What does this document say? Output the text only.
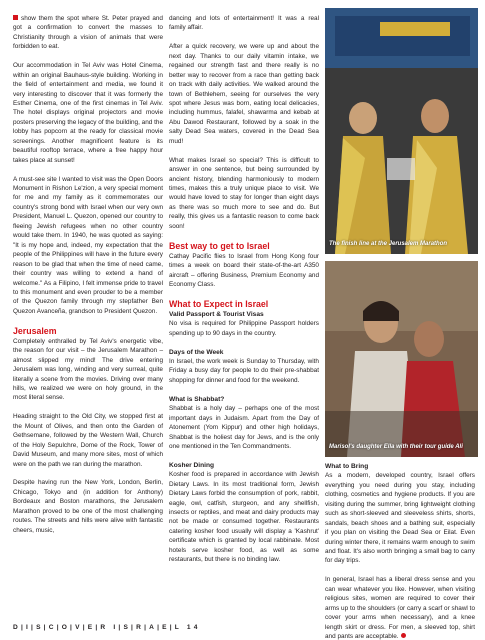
show them the spot where St. Peter prayed and got a confirmation to convert the masses to Christianity through a vision of animals that were forbidden to eat.

Our accommodation in Tel Aviv was Hotel Cinema, within an original Bauhaus-style building. Working in the field of entertainment and media, we found it very interesting to discover that it was formerly the Esther Cinema, one of the first cinemas in Tel Aviv. The hotel displays original projectors and movie posters preserving the legacy of the building, and the lobby has popcorn at the ready for classical movie screenings. Another magnificent feature is its beautiful rooftop terrace, where a free happy hour takes place at sunset!

A must-see site I wanted to visit was the Open Doors Monument in Rishon Le'zion, a very special moment for me and my family as it commemorates our country's strong bond with Israel when our very own President, Manuel L. Quezon, opened our country to fleeing Jewish refugees when no other country would take them. In 1940, he was quoted as saying: "It is my hope and, indeed, my expectation that the people of the Philippines will have in the future every reason to be glad that when the time of need came, their country was willing to extend a hand of welcome." As a Filipino, I felt immense pride to travel to this monument and even prouder to be a member of the Quezon family through my stepfather Ben Quezon Avanceña, grandson to President Quezon.

Jerusalem

Completely enthralled by Tel Aviv's energetic vibe, the reason for our visit – the Jerusalem Marathon – almost slipped my mind! The drive entering Jerusalem was long, winding and very surreal, quite literally a scene from the movies. Driving over many hills, we realized we were on holy ground, in the most literal sense.

Heading straight to the Old City, we stopped first at the Mount of Olives, and then onto the Garden of Gethsemane, followed by the Western Wall, Church of the Holy Sepulchre, Dome of the Rock, Tower of David Museum, and many more sites, most of which were on the path we ran during the marathon.

Despite having run the New York, London, Berlin, Chicago, Tokyo and (in addition for Anthony) Bordeaux and Boston marathons, the Jerusalem Marathon proved to be one of the most challenging routes. The streets and hills were alive with fantastic cheers, music,

dancing and lots of entertainment! It was a real family affair.

After a quick recovery, we were up and about the next day. Thanks to our daily vitamin intake, we regained our strength fast and there really is no better way to recover from a race than getting back on track with daily activities. We walked around the town of Bethlehem, seeing for ourselves the very spot where Jesus was born, eating local delicacies, including hummus, falafel, shawarma and kebab at Abu Dawod Restaurant, followed by a soak in the salty Dead Sea waters, covered in the Dead Sea mud!

What makes Israel so special? This is difficult to answer in one sentence, but being surrounded by ancient history, blending harmoniously to modern times, makes this a truly unique place to visit. We would have loved to stay for longer than eight days as there was so much more to see and do. But really, this gives us a fantastic reason to come back soon!

Best way to get to Israel

Cathay Pacific flies to Israel from Hong Kong four times a week on board their state-of-the-art A350 aircraft – offering Business, Premium Economy and Economy Class.

What to Expect in Israel
Valid Passport & Tourist Visas

No visa is required for Philippine Passport holders spending up to 90 days in the country.

Days of the Week

In Israel, the work week is Sunday to Thursday, with Friday a busy day for people to do their pre-shabbat shopping for dinner and food for the weekend.

What is Shabbat?

Shabbat is a holy day – perhaps one of the most important days in Judaism. Apart from the Day of Atonement (Yom Kippur) and other high holidays, Shabbat is the holiest day for Jews, and is the only one mentioned in the Ten Commandments.

Kosher Dining

Kosher food is prepared in accordance with Jewish Dietary Laws. In its most traditional form, Jewish Dietary Laws forbid the consumption of pork, rabbit, eagle, owl, catfish, sturgeon, and any shellfish, insects or reptiles, and meat and dairy products may not be made or consumed together. Restaurants catering kosher food usually will display a 'Kashrut' certificate which is granted by local rabbinate. Most hotels serve kosher food, as well as some restaurants, but there is no binding law.

The finish line at the Jerusalem Marathon
Marisol's daughter Ella with their tour guide Ali
What to Bring

As a modern, developed country, Israel offers everything you need during you stay, including clothing, cosmetics and hygiene products. If you are visiting during the summer, bring lightweight clothing such as short-sleeved and sleeveless shirts, shorts, sandals, beach shoes and a bathing suit, especially if you plan on visiting the Dead Sea or Eilat. Even during winter there, it remains warm enough to swim and float. It's also worth bringing a small bag to carry for day trips.

In general, Israel has a liberal dress sense and you can wear whatever you like. However, when visiting religious sites, women are required to cover their arms up to the shoulders (or carry a scarf or shawl to cover your arms when necessary), and a knee length skirt or dress. For men, a sleeved top, shirt and pants are acceptable.

D|I|S|C|O|V|E|R I|S|R|A|E|L 14
